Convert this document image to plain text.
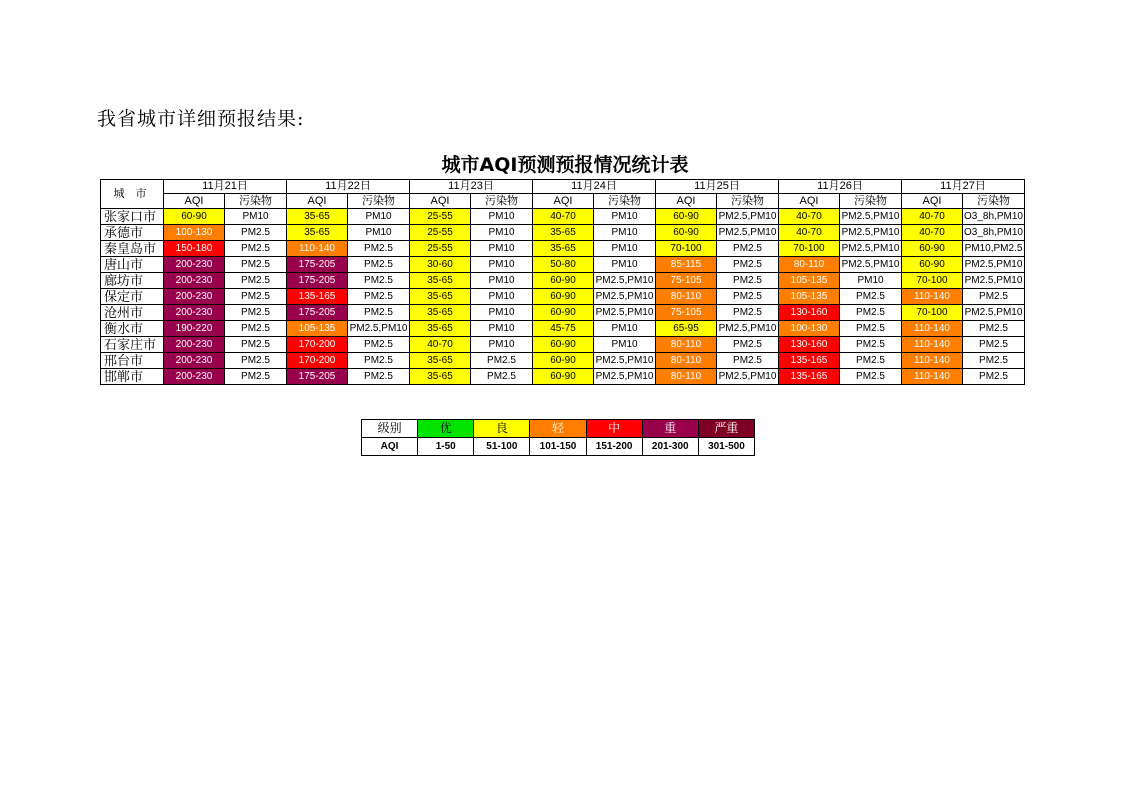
我省城市详细预报结果:
城市AQI预测预报情况统计表
城 市	11月21日		11月22日		11月23日		11月24日		11月25日		11月26日		11月27日	
	AQI	污染物	AQI	污染物	AQI	污染物	AQI	污染物	AQI	污染物	AQI	污染物	AQI	污染物
张家口市	60-90	PM10	35-65	PM10	25-55	PM10	40-70	PM10	60-90	PM2.5,PM10	40-70	PM2.5,PM10	40-70	O3_8h,PM10
承德市	100-130	PM2.5	35-65	PM10	25-55	PM10	35-65	PM10	60-90	PM2.5,PM10	40-70	PM2.5,PM10	40-70	O3_8h,PM10
秦皇岛市	150-180	PM2.5	110-140	PM2.5	25-55	PM10	35-65	PM10	70-100	PM2.5	70-100	PM2.5,PM10	60-90	PM10,PM2.5
唐山市	200-230	PM2.5	175-205	PM2.5	30-60	PM10	50-80	PM10	85-115	PM2.5	80-110	PM2.5,PM10	60-90	PM2.5,PM10
廊坊市	200-230	PM2.5	175-205	PM2.5	35-65	PM10	60-90	PM2.5,PM10	75-105	PM2.5	105-135	PM10	70-100	PM2.5,PM10
保定市	200-230	PM2.5	135-165	PM2.5	35-65	PM10	60-90	PM2.5,PM10	80-110	PM2.5	105-135	PM2.5	110-140	PM2.5
沧州市	200-230	PM2.5	175-205	PM2.5	35-65	PM10	60-90	PM2.5,PM10	75-105	PM2.5	130-160	PM2.5	70-100	PM2.5,PM10
衡水市	190-220	PM2.5	105-135	PM2.5,PM10	35-65	PM10	45-75	PM10	65-95	PM2.5,PM10	100-130	PM2.5	110-140	PM2.5
石家庄市	200-230	PM2.5	170-200	PM2.5	40-70	PM10	60-90	PM10	80-110	PM2.5	130-160	PM2.5	110-140	PM2.5
邢台市	200-230	PM2.5	170-200	PM2.5	35-65	PM2.5	60-90	PM2.5,PM10	80-110	PM2.5	135-165	PM2.5	110-140	PM2.5
邯郸市	200-230	PM2.5	175-205	PM2.5	35-65	PM2.5	60-90	PM2.5,PM10	80-110	PM2.5,PM10	135-165	PM2.5	110-140	PM2.5
级别	优	良	轻	中	重	严重
AQI	1-50	51-100	101-150	151-200	201-300	301-500
